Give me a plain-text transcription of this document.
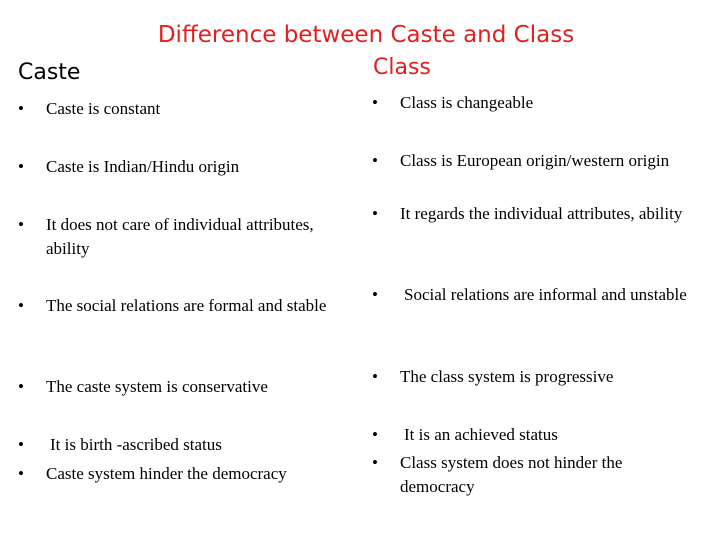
Difference between Caste and Class
Caste	Class
•	Caste is constant
•	Caste is Indian/Hindu origin
•	It does not care of individual attributes, ability
•	The social relations are formal and stable
•	The caste system is conservative
•	It is birth -ascribed status
•	Caste system hinder the democracy
•	Class is changeable
•	Class is European origin/western origin
•	It regards the individual attributes, ability
•	Social relations are informal and unstable
•	The class system is progressive
•	It is an achieved status
•	Class system does not hinder the democracy
